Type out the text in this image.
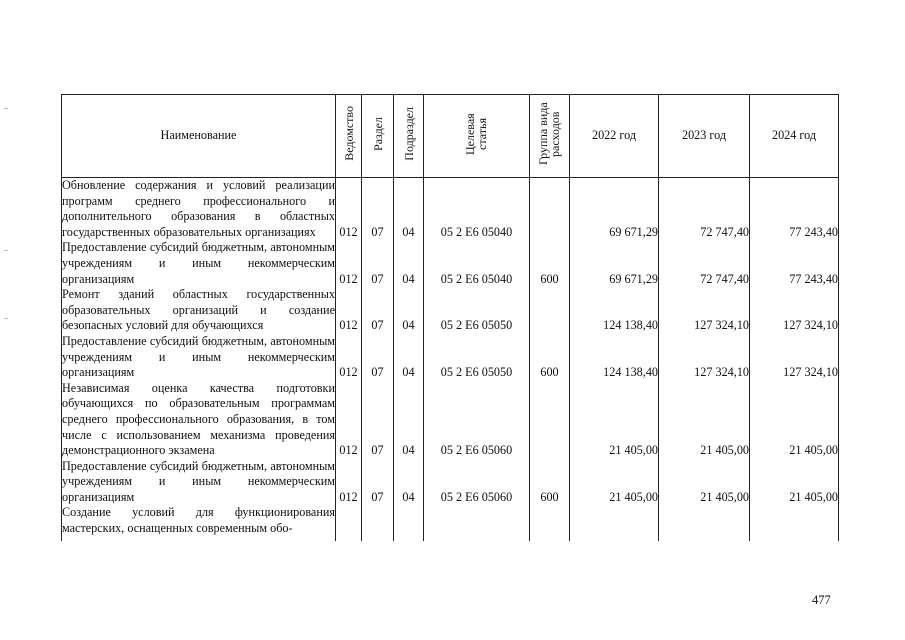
Наименование	Ведомство	Раздел	Подраздел	Целевая статья	Группа вида расходов	2022 год	2023 год	2024 год
Обновление содержания и условий реализации программ среднего профессионального и дополнительного образования в областных государственных образовательных организациях	012	07	04	05 2 Е6 05040		69 671,29	72 747,40	77 243,40
Предоставление субсидий бюджетным, автономным учреждениям и иным некоммерческим организациям	012	07	04	05 2 Е6 05040	600	69 671,29	72 747,40	77 243,40
Ремонт зданий областных государственных образовательных организаций и создание безопасных условий для обучающихся	012	07	04	05 2 Е6 05050		124 138,40	127 324,10	127 324,10
Предоставление субсидий бюджетным, автономным учреждениям и иным некоммерческим организациям	012	07	04	05 2 Е6 05050	600	124 138,40	127 324,10	127 324,10
Независимая оценка качества подготовки обучающихся по образовательным программам среднего профессионального образования, в том числе с использованием механизма проведения демонстрационного экзамена	012	07	04	05 2 Е6 05060		21 405,00	21 405,00	21 405,00
Предоставление субсидий бюджетным, автономным учреждениям и иным некоммерческим организациям	012	07	04	05 2 Е6 05060	600	21 405,00	21 405,00	21 405,00
Создание условий для функционирования мастерских, оснащенных современным обо-								
477
